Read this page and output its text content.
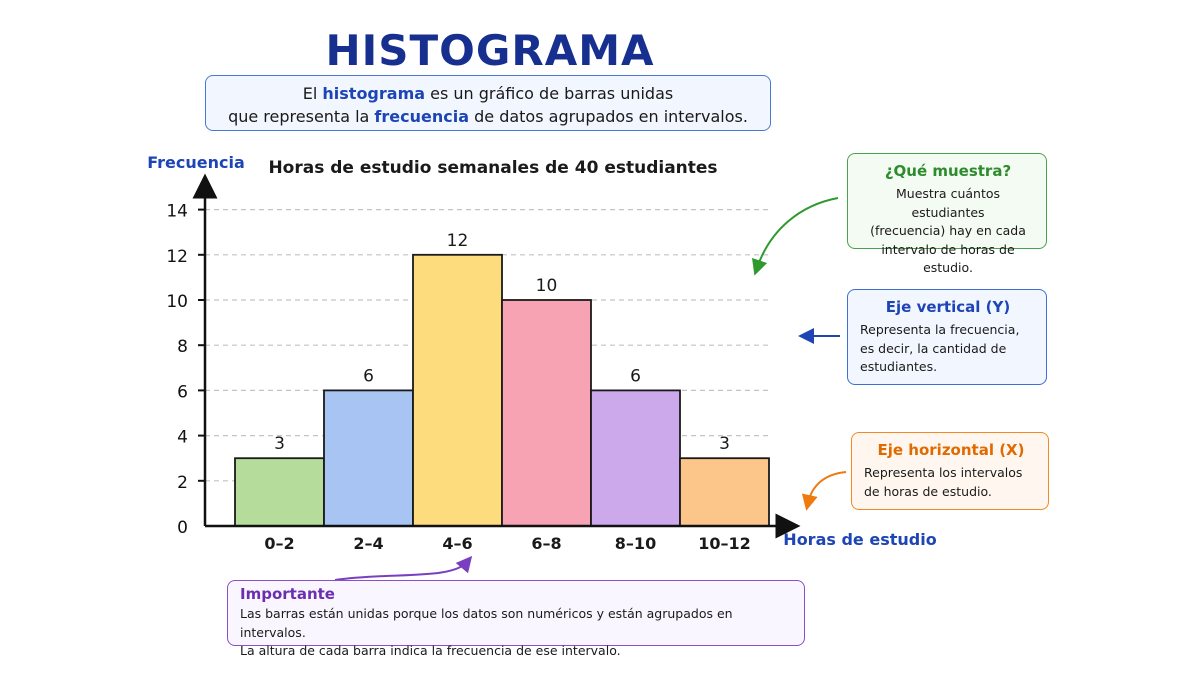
HISTOGRAMA
El histograma es un gráfico de barras unidas
que representa la frecuencia de datos agrupados en intervalos.
Frecuencia Horas de estudio semanales de 40 estudiantes
Horas de estudio
0
2
4
6
8
10
12
14
0–2	2–4	4–6	6–8	8–10	10–12
3
6
12
10
6
3
¿Qué muestra?
Muestra cuántos estudiantes
(frecuencia) hay en cada
intervalo de horas de estudio.
Eje vertical (Y)
Representa la frecuencia,
es decir, la cantidad de
estudiantes.
Eje horizontal (X)
Representa los intervalos
de horas de estudio.
Importante
Las barras están unidas porque los datos son numéricos y están agrupados en intervalos.
La altura de cada barra indica la frecuencia de ese intervalo.
